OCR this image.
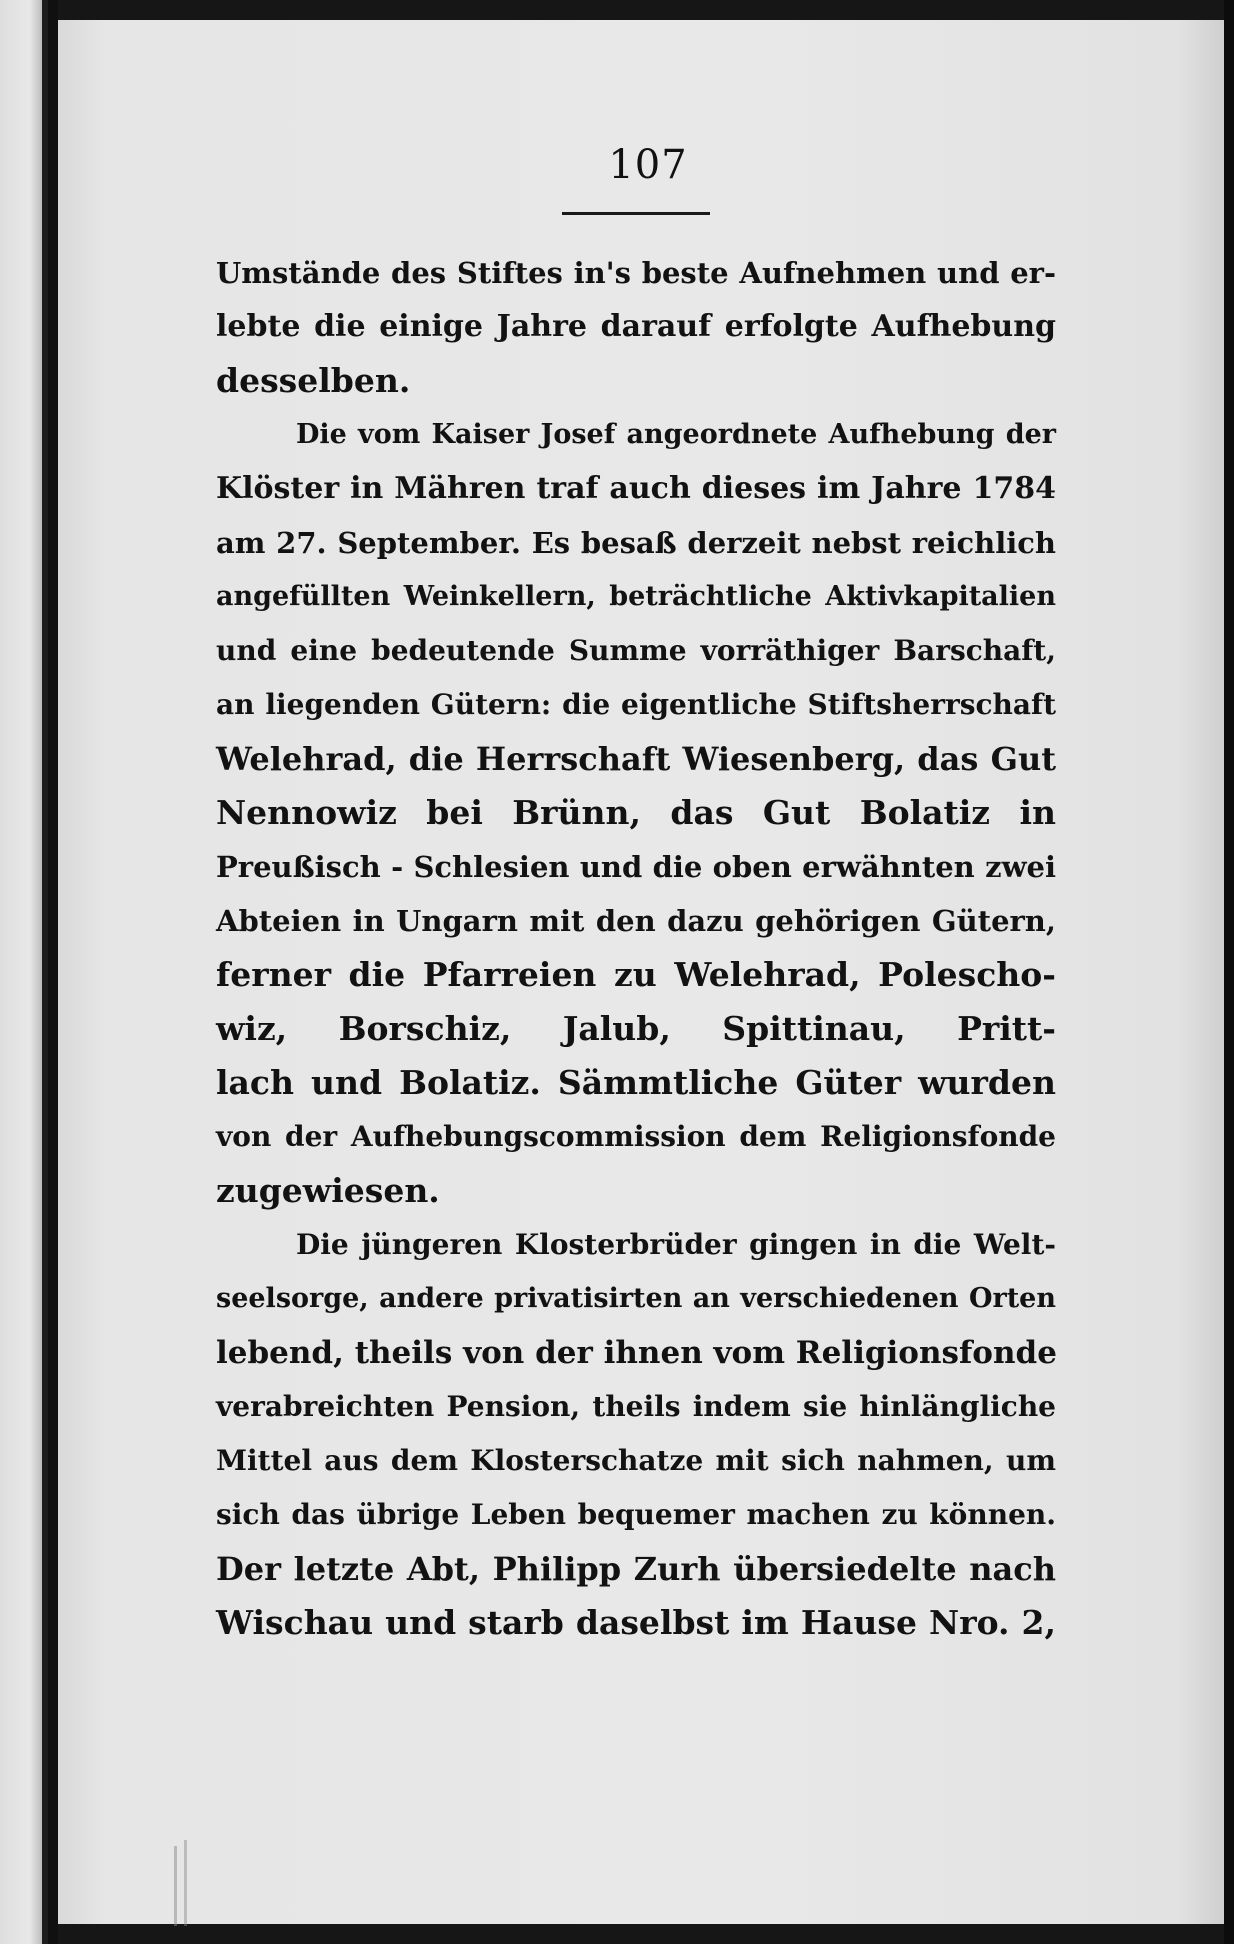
107
Umstände des Stiftes in's beste Aufnehmen und er-
lebte die einige Jahre darauf erfolgte Aufhebung
desselben.
Die vom Kaiser Josef angeordnete Aufhebung der
Klöster in Mähren traf auch dieses im Jahre 1784
am 27. September. Es besaß derzeit nebst reichlich
angefüllten Weinkellern, beträchtliche Aktivkapitalien
und eine bedeutende Summe vorräthiger Barschaft,
an liegenden Gütern: die eigentliche Stiftsherrschaft
Welehrad, die Herrschaft Wiesenberg, das Gut
Nennowiz bei Brünn, das Gut Bolatiz in
Preußisch - Schlesien und die oben erwähnten zwei
Abteien in Ungarn mit den dazu gehörigen Gütern,
ferner die Pfarreien zu Welehrad, Polescho-
wiz, Borschiz, Jalub, Spittinau, Pritt-
lach und Bolatiz. Sämmtliche Güter wurden
von der Aufhebungscommission dem Religionsfonde
zugewiesen.
Die jüngeren Klosterbrüder gingen in die Welt-
seelsorge, andere privatisirten an verschiedenen Orten
lebend, theils von der ihnen vom Religionsfonde
verabreichten Pension, theils indem sie hinlängliche
Mittel aus dem Klosterschatze mit sich nahmen, um
sich das übrige Leben bequemer machen zu können.
Der letzte Abt, Philipp Zurh übersiedelte nach
Wischau und starb daselbst im Hause Nro. 2,
